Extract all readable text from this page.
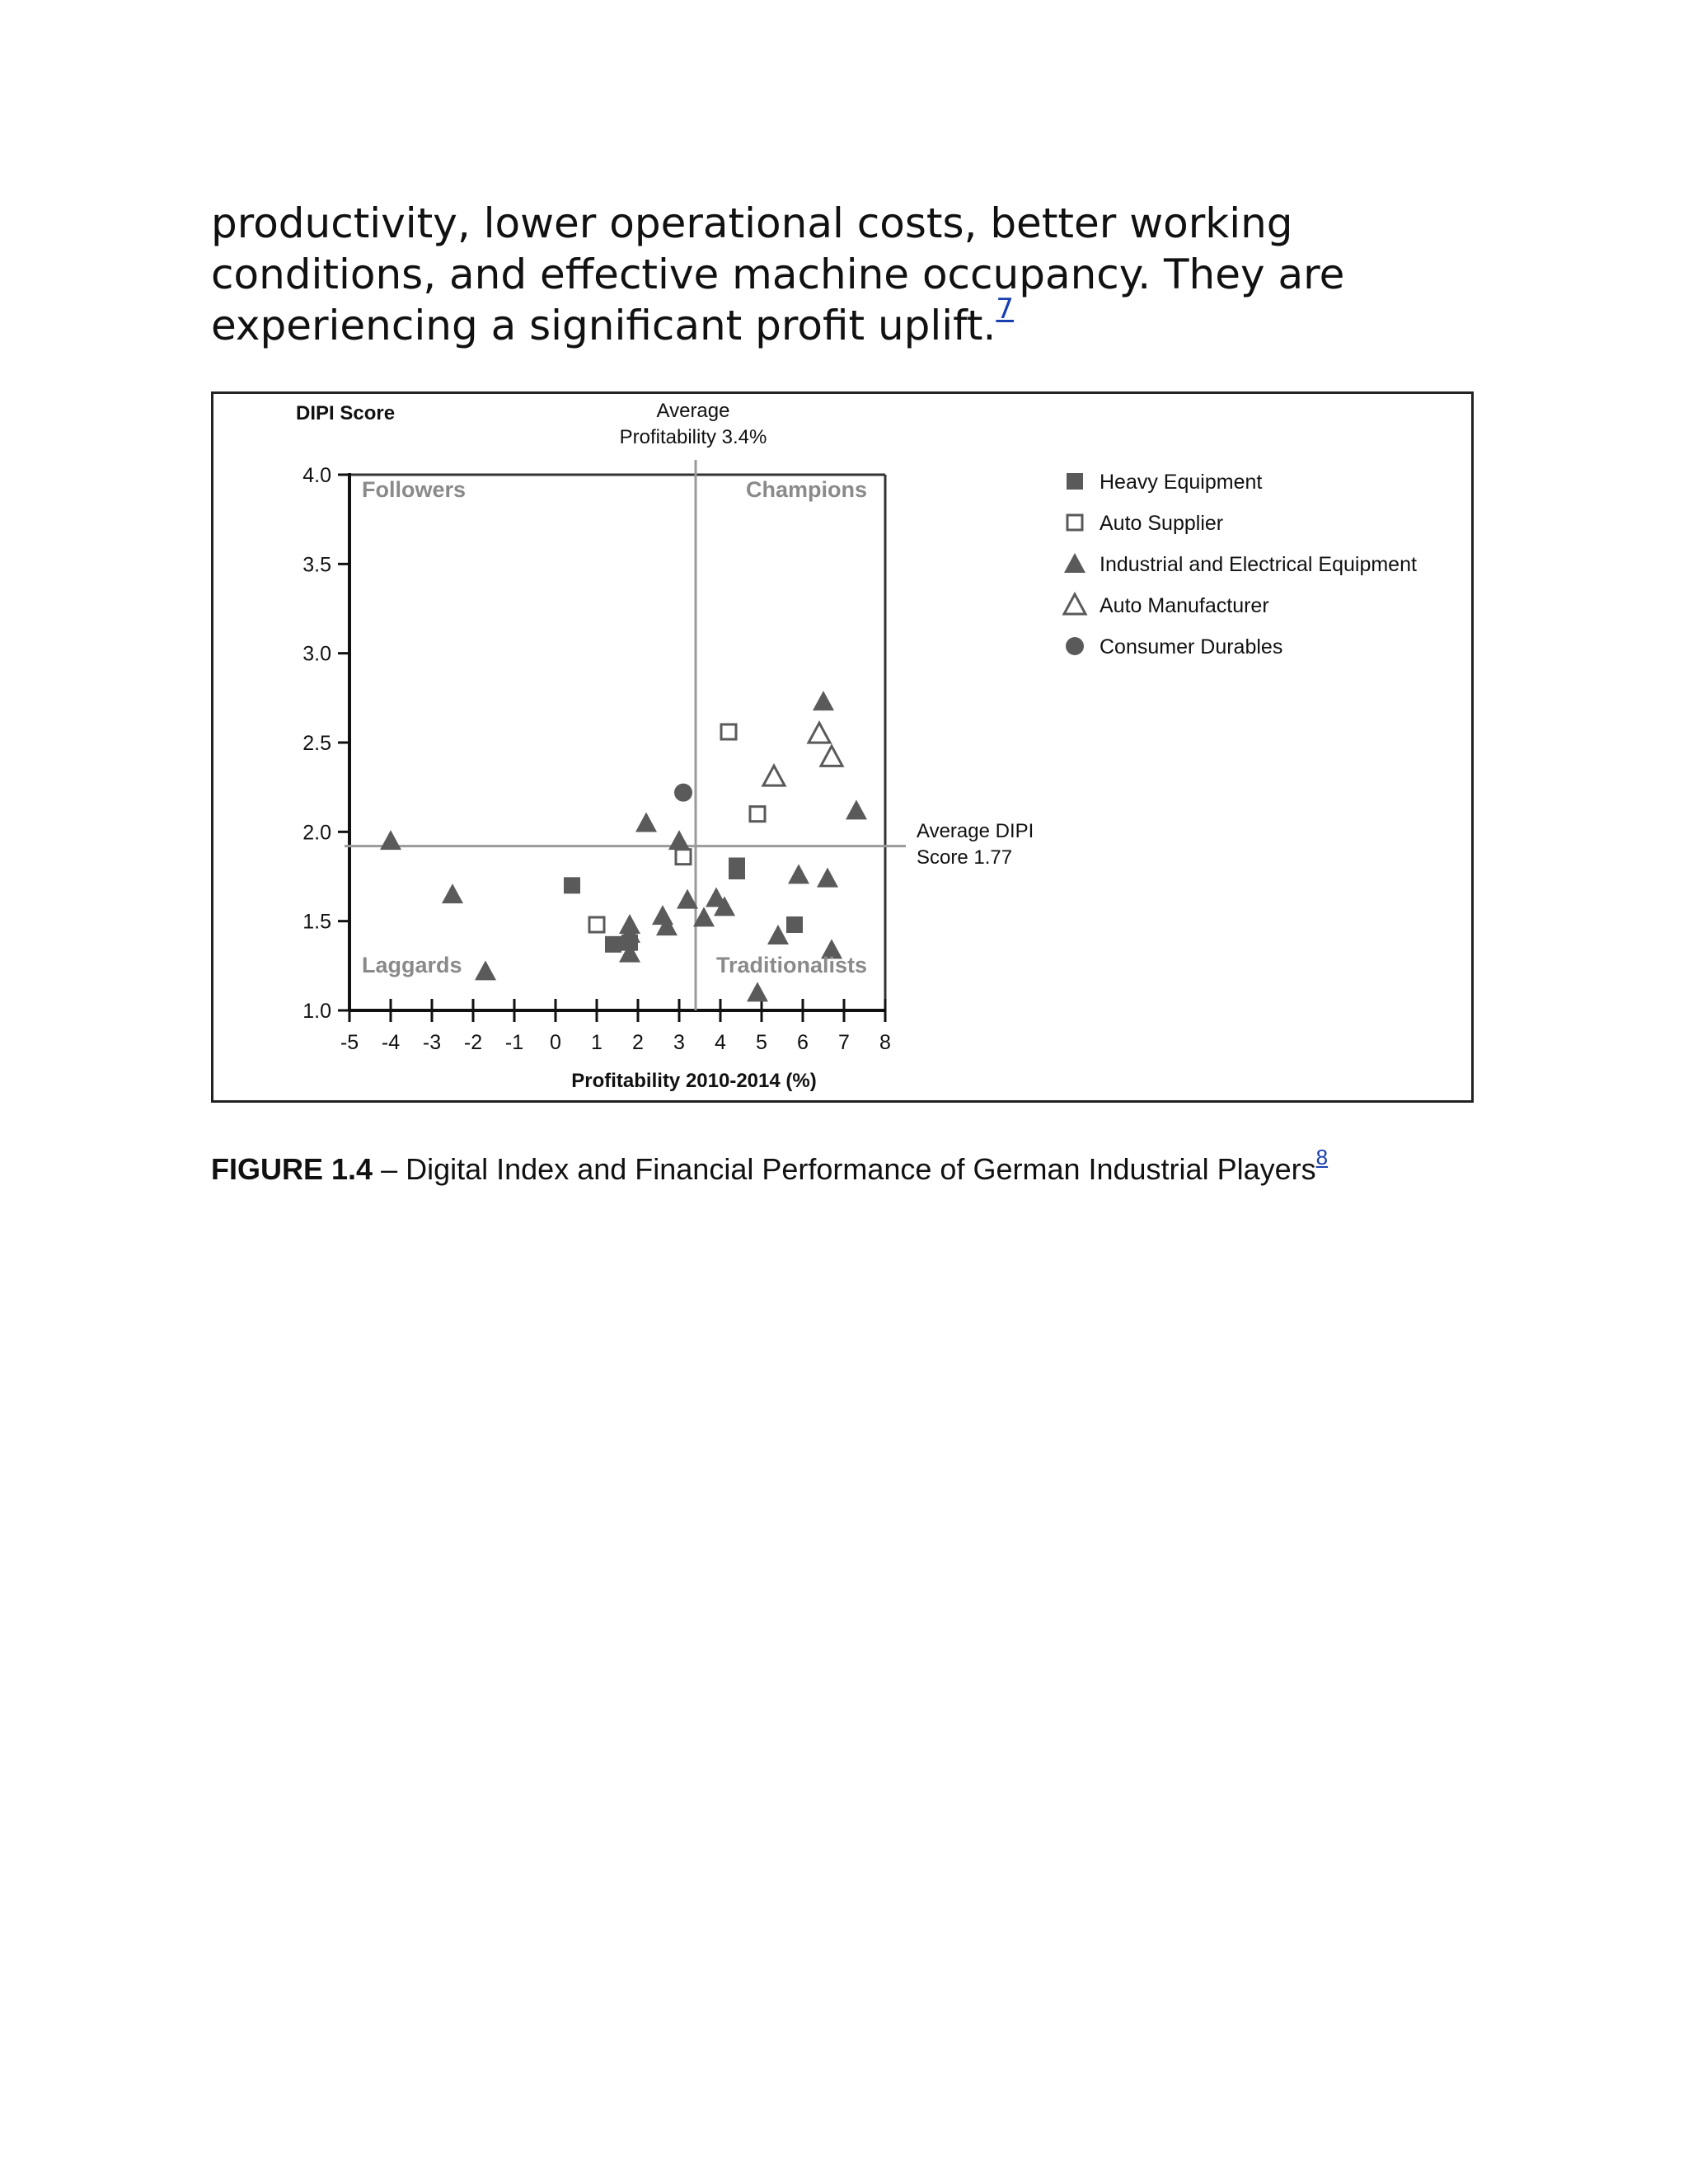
productivity, lower operational costs, better working conditions, and effective machine occupancy. They are experiencing a significant profit uplift.$^7$
DIPI Score	Average
Profitability 3.4%
4.0
3.5
3.0
2.5
2.0
1.5
1.0
-5 -4 -3 -2 -1 0 1 2 3 4 5 6 7 8
Followers	Champions
Laggards	Traditionalists
Average DIPI
Score 1.77
Profitability 2010-2014 (%)
Heavy Equipment
Auto Supplier
Industrial and Electrical Equipment
Auto Manufacturer
Consumer Durables
FIGURE 1.4 – Digital Index and Financial Performance of German Industrial Players$^8$
